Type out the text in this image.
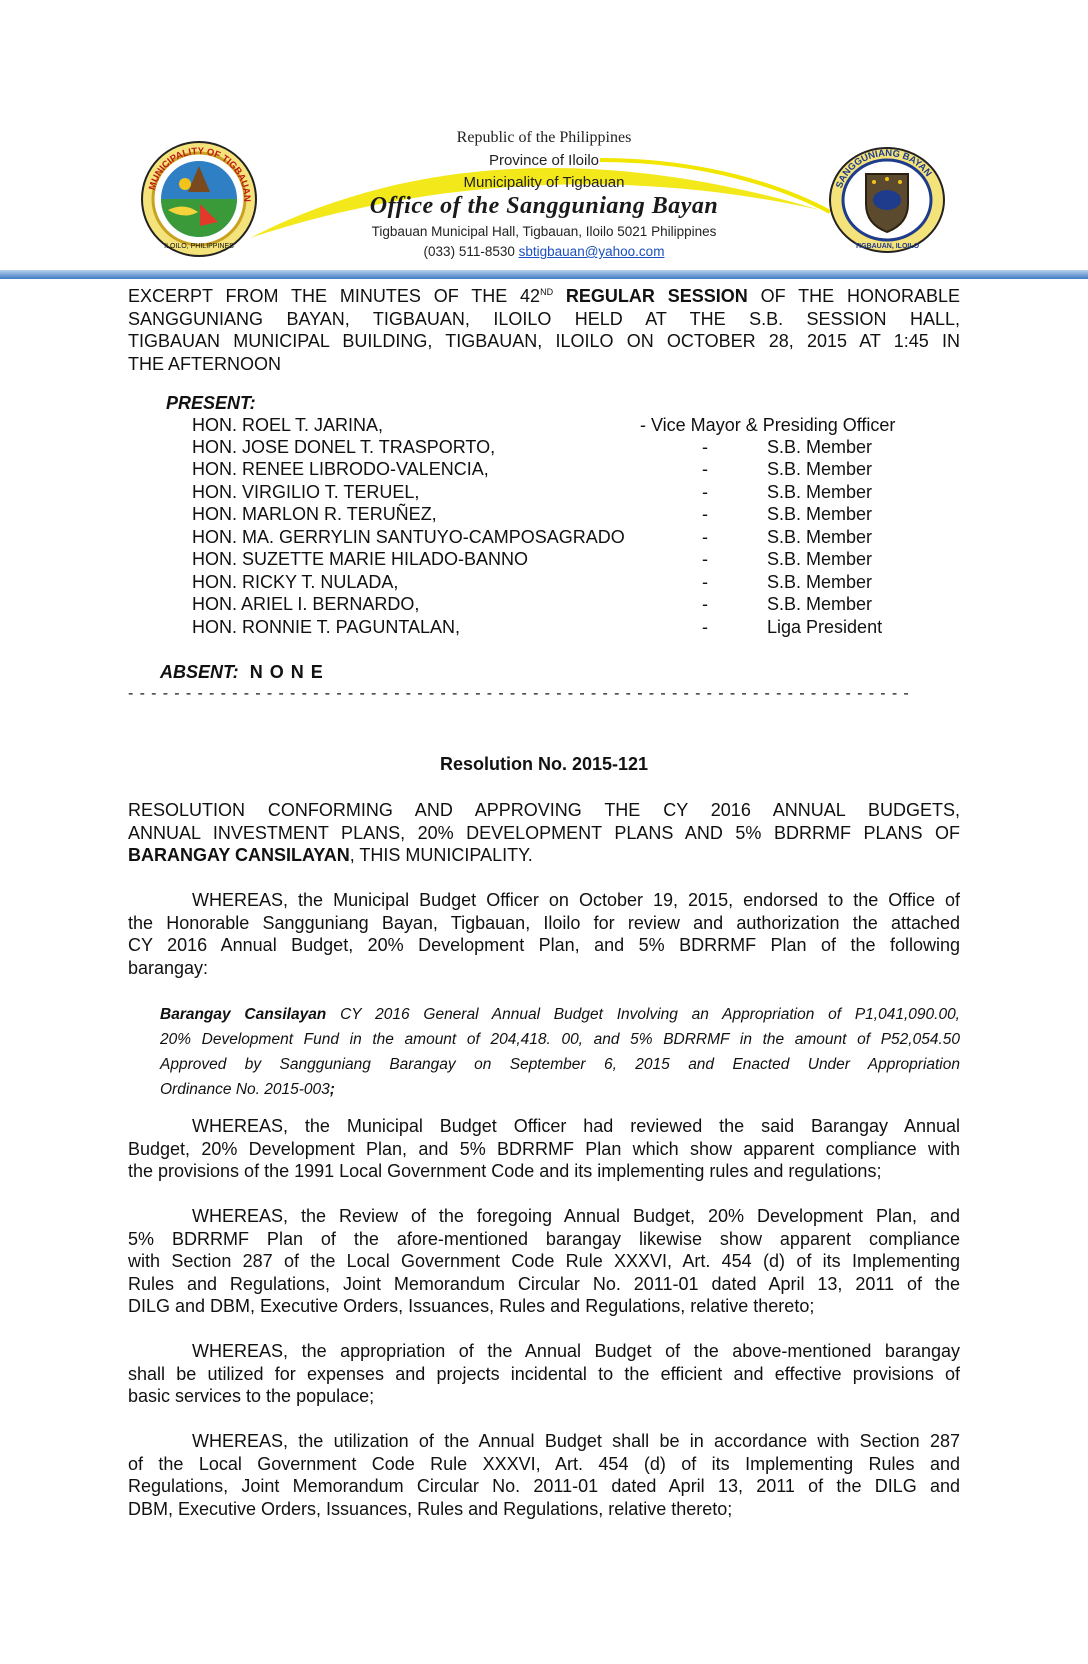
MUNICIPALITY OF TIGBAUAN
ILOILO, PHILIPPINES
SANGGUNIANG BAYAN
TIGBAUAN, ILOILO
Republic of the Philippines
Province of Iloilo
Municipality of Tigbauan
Office of the Sangguniang Bayan
Tigbauan Municipal Hall, Tigbauan, Iloilo 5021 Philippines
(033) 511-8530 sbtigbauan@yahoo.com
EXCERPT FROM THE MINUTES OF THE 42ND REGULAR SESSION OF THE HONORABLE
SANGGUNIANG BAYAN, TIGBAUAN, ILOILO HELD AT THE S.B. SESSION HALL,
TIGBAUAN MUNICIPAL BUILDING, TIGBAUAN, ILOILO ON OCTOBER 28, 2015 AT 1:45 IN
THE AFTERNOON
PRESENT:
HON. ROEL T. JARINA,	- Vice Mayor & Presiding Officer
HON. JOSE DONEL T. TRASPORTO,	-	S.B. Member
HON. RENEE LIBRODO-VALENCIA,	-	S.B. Member
HON. VIRGILIO T. TERUEL,	-	S.B. Member
HON. MARLON R. TERUÑEZ,	-	S.B. Member
HON. MA. GERRYLIN SANTUYO-CAMPOSAGRADO	-	S.B. Member
HON. SUZETTE MARIE HILADO-BANNO	-	S.B. Member
HON. RICKY T. NULADA,	-	S.B. Member
HON. ARIEL I. BERNARDO,	-	S.B. Member
HON. RONNIE T. PAGUNTALAN,	-	Liga President
ABSENT: N O N E
- - - - - - - - - - - - - - - - - - - - - - - - - - - - - - - - - - - - - - - - - - - - - - - - - - - - - - - - - - - - - - - - - - - -
Resolution No. 2015-121
RESOLUTION CONFORMING AND APPROVING THE CY 2016 ANNUAL BUDGETS,
ANNUAL INVESTMENT PLANS, 20% DEVELOPMENT PLANS AND 5% BDRRMF PLANS OF
BARANGAY CANSILAYAN, THIS MUNICIPALITY.
WHEREAS, the Municipal Budget Officer on October 19, 2015, endorsed to the Office of
the Honorable Sangguniang Bayan, Tigbauan, Iloilo for review and authorization the attached
CY 2016 Annual Budget, 20% Development Plan, and 5% BDRRMF Plan of the following
barangay:
Barangay Cansilayan CY 2016 General Annual Budget Involving an Appropriation of P1,041,090.00,
20% Development Fund in the amount of 204,418. 00, and 5% BDRRMF in the amount of P52,054.50
Approved by Sangguniang Barangay on September 6, 2015 and Enacted Under Appropriation
Ordinance No. 2015-003;
WHEREAS, the Municipal Budget Officer had reviewed the said Barangay Annual
Budget, 20% Development Plan, and 5% BDRRMF Plan which show apparent compliance with
the provisions of the 1991 Local Government Code and its implementing rules and regulations;
WHEREAS, the Review of the foregoing Annual Budget, 20% Development Plan, and
5% BDRRMF Plan of the afore-mentioned barangay likewise show apparent compliance
with Section 287 of the Local Government Code Rule XXXVI, Art. 454 (d) of its Implementing
Rules and Regulations, Joint Memorandum Circular No. 2011-01 dated April 13, 2011 of the
DILG and DBM, Executive Orders, Issuances, Rules and Regulations, relative thereto;
WHEREAS, the appropriation of the Annual Budget of the above-mentioned barangay
shall be utilized for expenses and projects incidental to the efficient and effective provisions of
basic services to the populace;
WHEREAS, the utilization of the Annual Budget shall be in accordance with Section 287
of the Local Government Code Rule XXXVI, Art. 454 (d) of its Implementing Rules and
Regulations, Joint Memorandum Circular No. 2011-01 dated April 13, 2011 of the DILG and
DBM, Executive Orders, Issuances, Rules and Regulations, relative thereto;
